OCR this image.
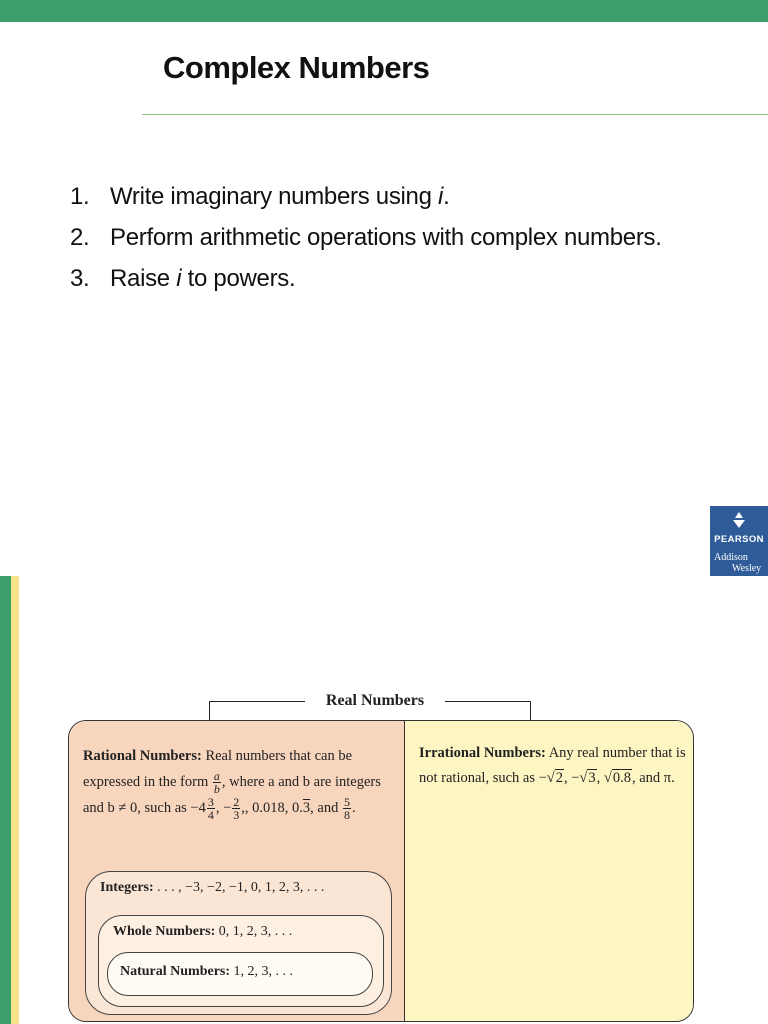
Complex Numbers
1. Write imaginary numbers using i.
2. Perform arithmetic operations with complex numbers.
3. Raise i to powers.
PEARSON
Addison
Wesley
Real Numbers
Rational Numbers: Real numbers that can be expressed in the form $\frac{a}{b}$ , where a and b are integers and b ≠ 0, such as $-4 \frac{3}{4}$ , − $\frac{2}{3}$ ,, 0.018, 0.3, and $\frac{5}{8}$ .
Integers: . . . , −3, −2, −1, 0, 1, 2, 3, . . .
Whole Numbers: 0, 1, 2, 3, . . .
Natural Numbers: 1, 2, 3, . . .
Irrational Numbers: Any real number that is not rational, such as −√2, −√3, √0.8, and π.
